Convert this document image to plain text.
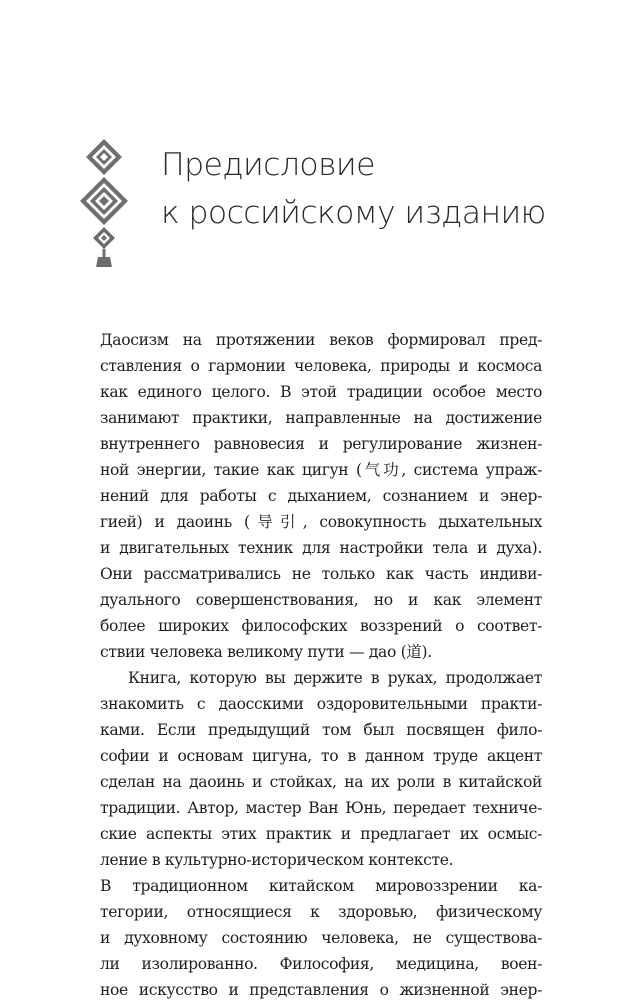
Предисловие
к российскому изданию
Даосизм на протяжении веков формировал пред-
ставления о гармонии человека, природы и космоса
как единого целого. В этой традиции особое место
занимают практики, направленные на достижение
внутреннего равновесия и регулирование жизнен-
ной энергии, такие как цигун (气功, система упраж-
нений для работы с дыханием, сознанием и энер-
гией) и даоинь (导引, совокупность дыхательных
и двигательных техник для настройки тела и духа).
Они рассматривались не только как часть индиви-
дуального совершенствования, но и как элемент
более широких философских воззрений о соответ-
ствии человека великому пути — дао (道).
Книга, которую вы держите в руках, продолжает
знакомить с даосскими оздоровительными практи-
ками. Если предыдущий том был посвящен фило-
софии и основам цигуна, то в данном труде акцент
сделан на даоинь и стойках, на их роли в китайской
традиции. Автор, мастер Ван Юнь, передает техниче-
ские аспекты этих практик и предлагает их осмыс-
ление в культурно-историческом контексте.
В традиционном китайском мировоззрении ка-
тегории, относящиеся к здоровью, физическому
и духовному состоянию человека, не существова-
ли изолированно. Философия, медицина, воен-
ное искусство и представления о жизненной энер-
